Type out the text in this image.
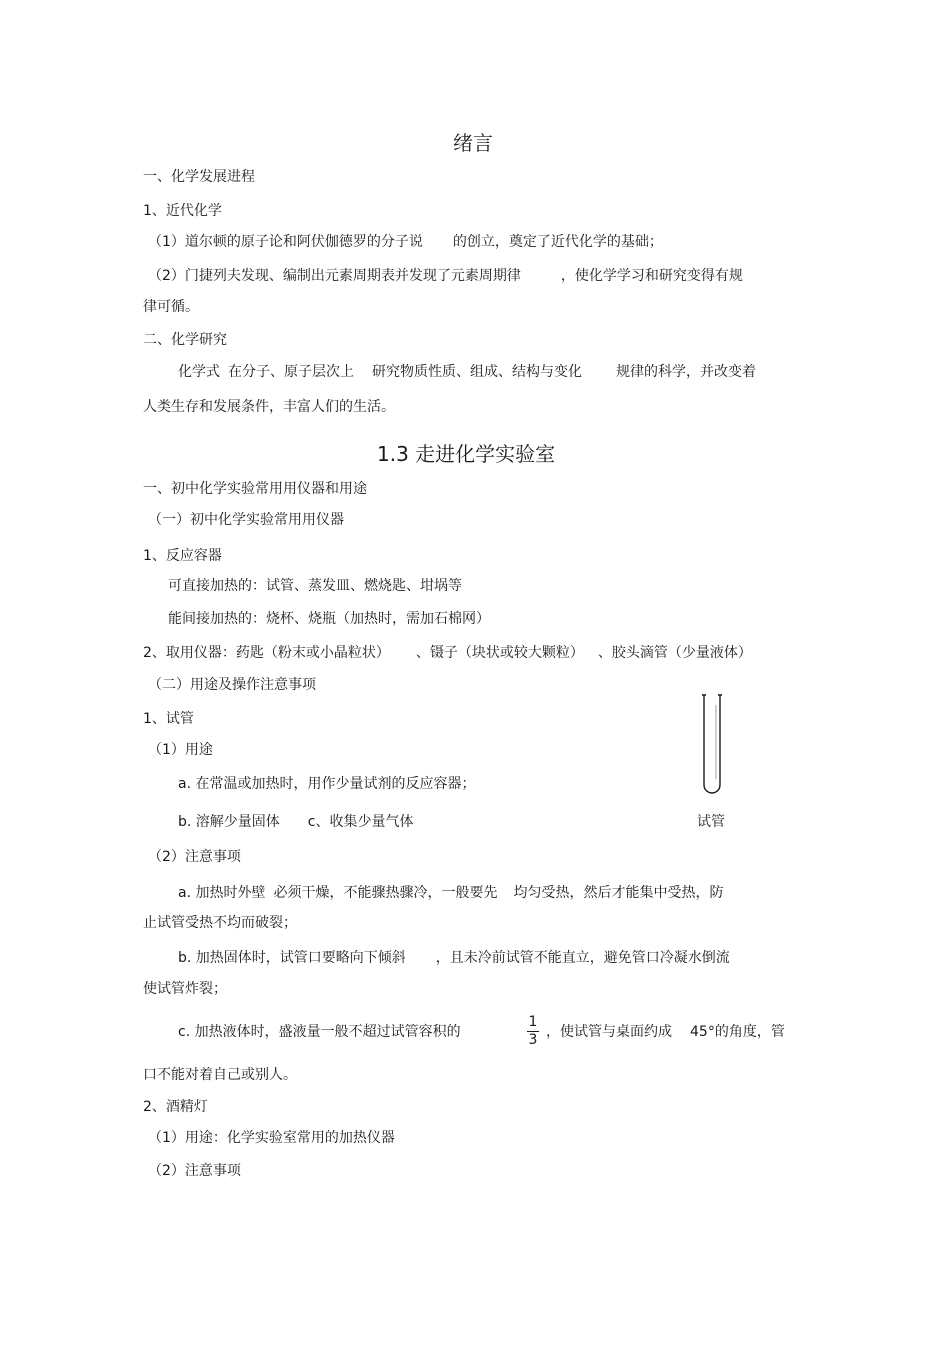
绪言
一、化学发展进程
1、近代化学
（1）道尔顿的原子论和阿伏伽德罗的分子说 的创立，奠定了近代化学的基础；
（2）门捷列夫发现、编制出元素周期表并发现了元素周期律	，使化学学习和研究变得有规
律可循。
二、化学研究
化学式 在分子、原子层次上 研究物质性质、组成、结构与变化 规律的科学，并改变着
人类生存和发展条件，丰富人们的生活。
1.3 走进化学实验室
一、初中化学实验常用用仪器和用途
（一）初中化学实验常用用仪器
1、反应容器
可直接加热的：试管、蒸发皿、燃烧匙、坩埚等
能间接加热的：烧杯、烧瓶（加热时，需加石棉网）
2、取用仪器：药匙（粉末或小晶粒状） 、镊子（块状或较大颗粒） 、胶头滴管（少量液体）
（二）用途及操作注意事项
1、试管
（1）用途
a. 在常温或加热时，用作少量试剂的反应容器；
b. 溶解少量固体 c、收集少量气体	试管
（2）注意事项
a. 加热时外壁 必须干燥，不能骤热骤冷，一般要先 均匀受热，然后才能集中受热，防
止试管受热不均而破裂；
b. 加热固体时，试管口要略向下倾斜 ，且未冷前试管不能直立，避免管口冷凝水倒流
使试管炸裂；
c. 加热液体时，盛液量一般不超过试管容积的
1
3 ，使试管与桌面约成 45°的角度，管
口不能对着自己或别人。
2、酒精灯
（1）用途：化学实验室常用的加热仪器
（2）注意事项
